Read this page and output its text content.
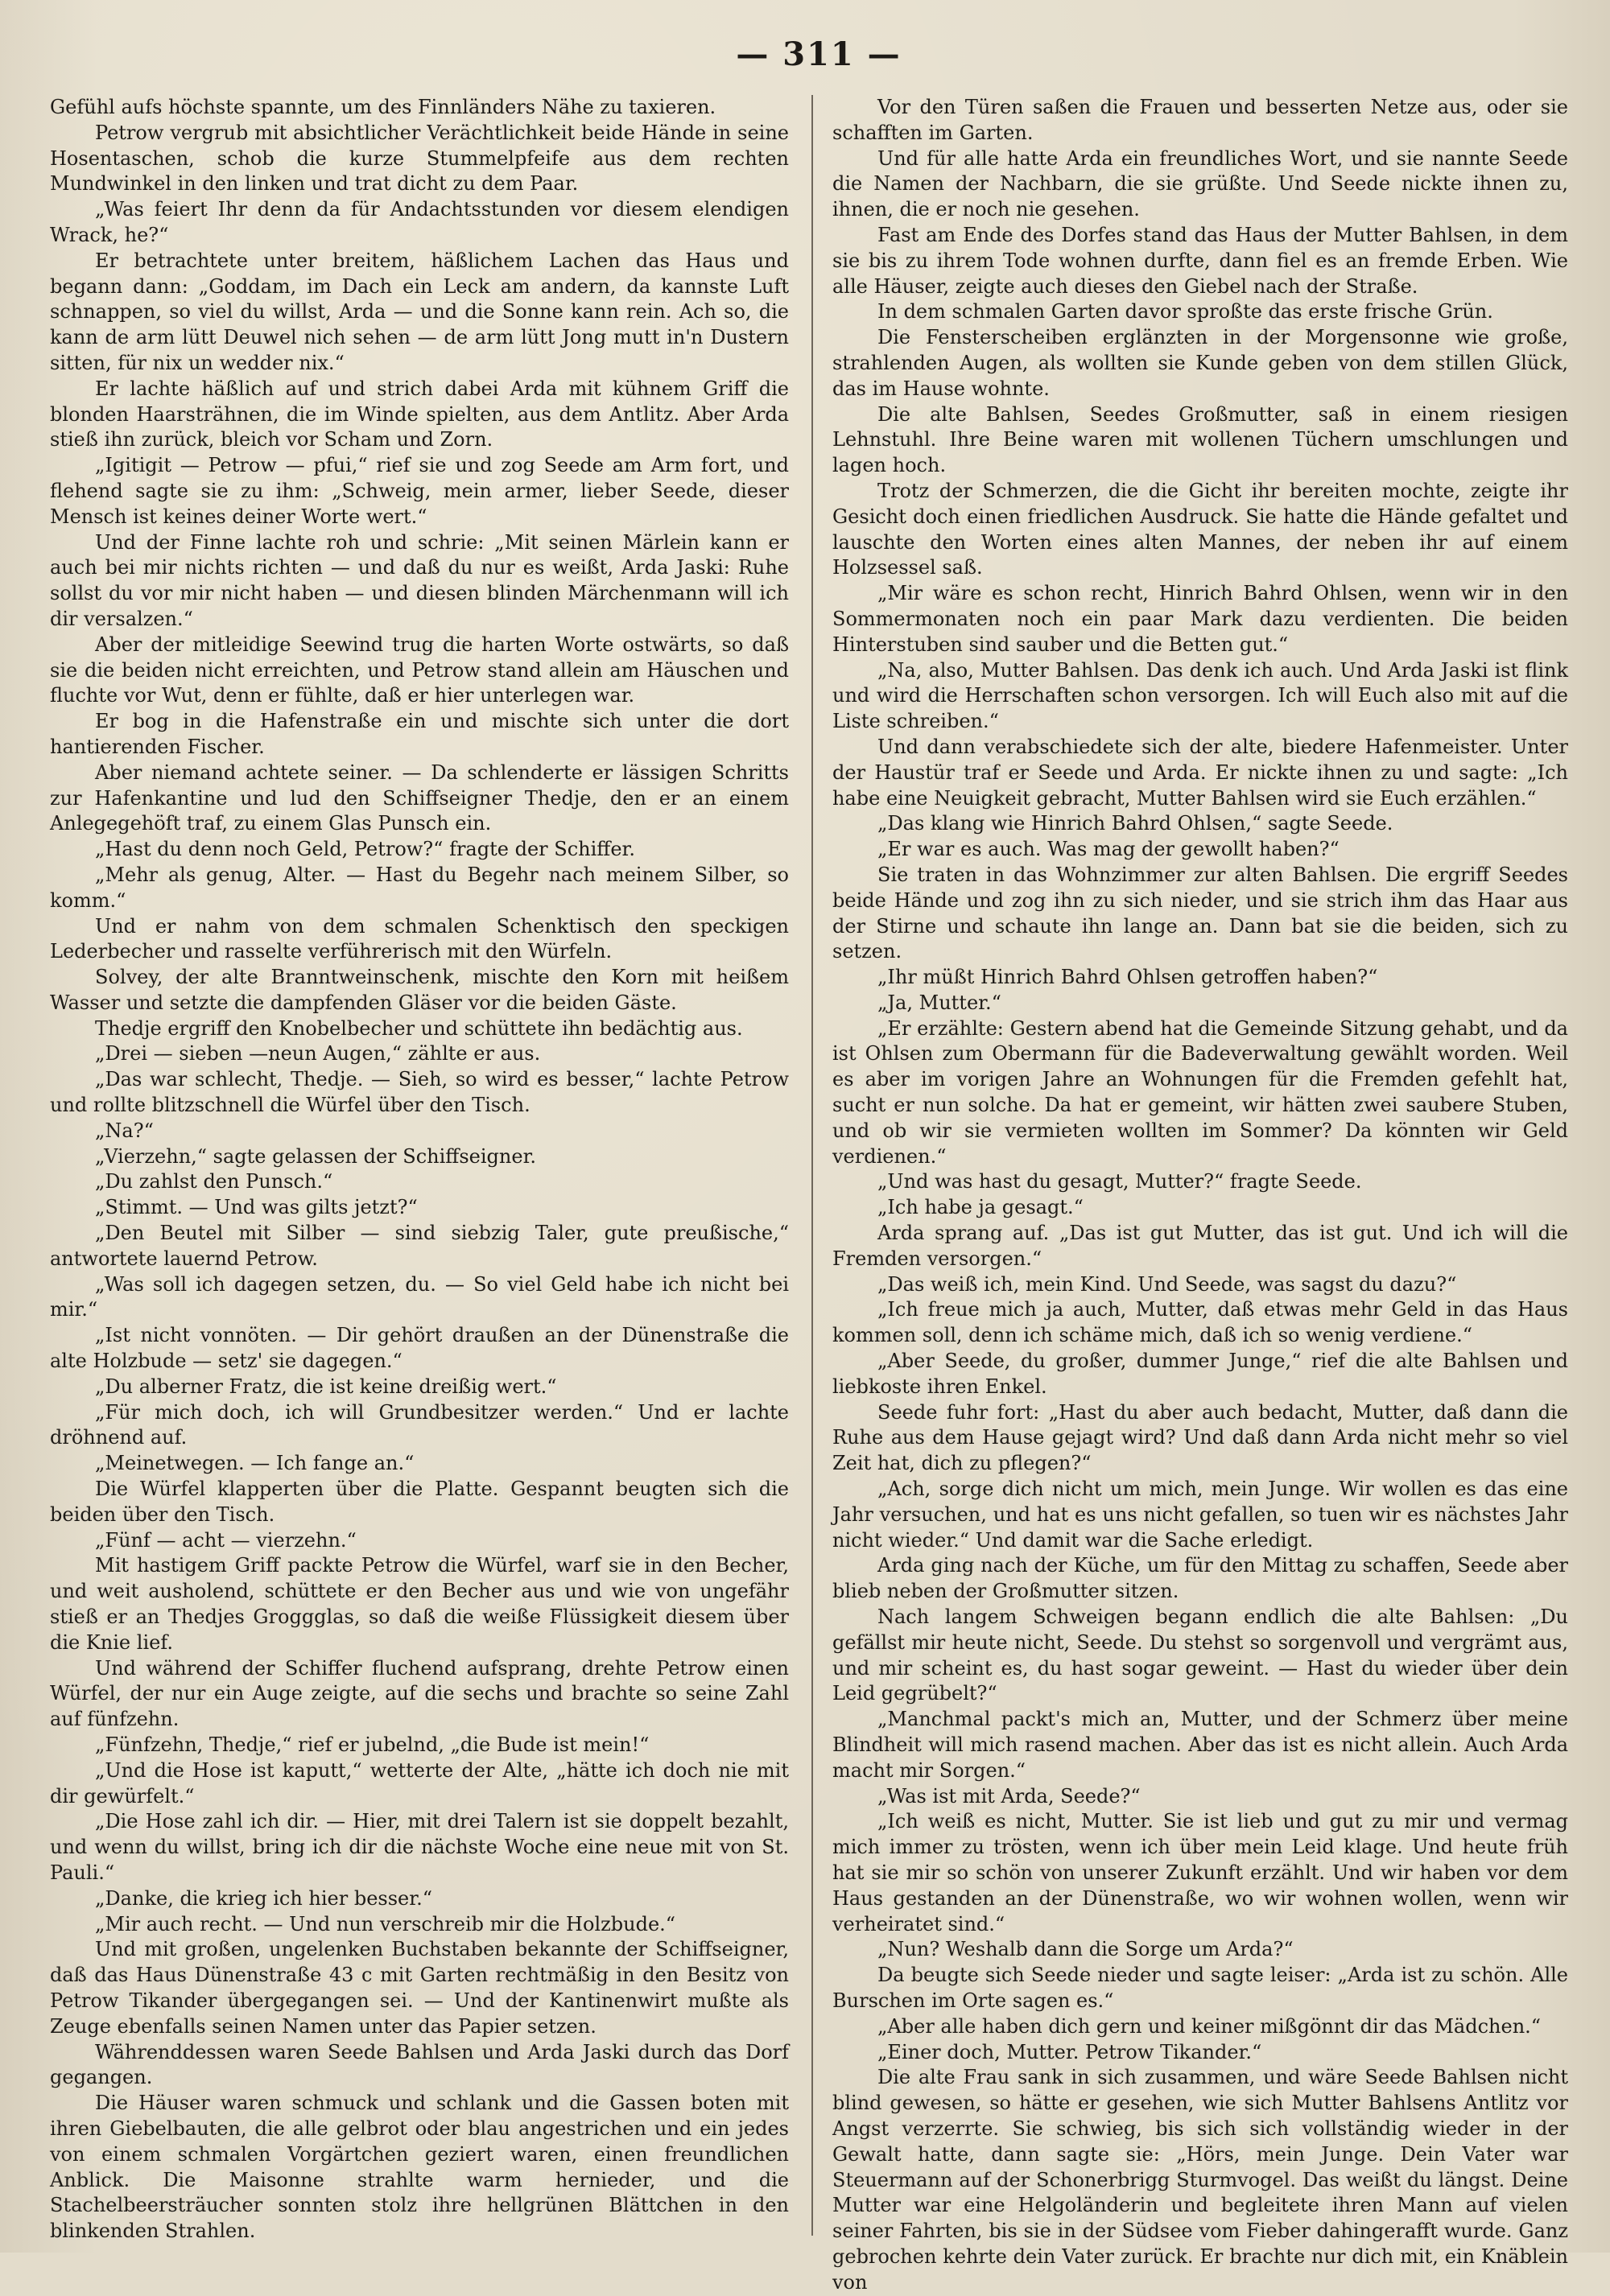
— 311 —

Gefühl aufs höchste spannte, um des Finnländers Nähe zu taxieren.

Petrow vergrub mit absichtlicher Verächtlichkeit beide Hände in seine Hosentaschen, schob die kurze Stummelpfeife aus dem rechten Mundwinkel in den linken und trat dicht zu dem Paar.

„Was feiert Ihr denn da für Andachtsstunden vor diesem elendigen Wrack, he?“

Er betrachtete unter breitem, häßlichem Lachen das Haus und begann dann: „Goddam, im Dach ein Leck am andern, da kannste Luft schnappen, so viel du willst, Arda — und die Sonne kann rein. Ach so, die kann de arm lütt Deuwel nich sehen — de arm lütt Jong mutt in'n Dustern sitten, für nix un wedder nix.“

Er lachte häßlich auf und strich dabei Arda mit kühnem Griff die blonden Haarsträhnen, die im Winde spielten, aus dem Antlitz. Aber Arda stieß ihn zurück, bleich vor Scham und Zorn.

„Igitigit — Petrow — pfui,“ rief sie und zog Seede am Arm fort, und flehend sagte sie zu ihm: „Schweig, mein armer, lieber Seede, dieser Mensch ist keines deiner Worte wert.“

Und der Finne lachte roh und schrie: „Mit seinen Märlein kann er auch bei mir nichts richten — und daß du nur es weißt, Arda Jaski: Ruhe sollst du vor mir nicht haben — und diesen blinden Märchenmann will ich dir versalzen.“

Aber der mitleidige Seewind trug die harten Worte ostwärts, so daß sie die beiden nicht erreichten, und Petrow stand allein am Häuschen und fluchte vor Wut, denn er fühlte, daß er hier unterlegen war.

Er bog in die Hafenstraße ein und mischte sich unter die dort hantierenden Fischer.

Aber niemand achtete seiner. — Da schlenderte er lässigen Schritts zur Hafenkantine und lud den Schiffseigner Thedje, den er an einem Anlegegehöft traf, zu einem Glas Punsch ein.

„Hast du denn noch Geld, Petrow?“ fragte der Schiffer.

„Mehr als genug, Alter. — Hast du Begehr nach meinem Silber, so komm.“

Und er nahm von dem schmalen Schenktisch den speckigen Lederbecher und rasselte verführerisch mit den Würfeln.

Solvey, der alte Branntweinschenk, mischte den Korn mit heißem Wasser und setzte die dampfenden Gläser vor die beiden Gäste.

Thedje ergriff den Knobelbecher und schüttete ihn bedächtig aus.

„Drei — sieben —neun Augen,“ zählte er aus.

„Das war schlecht, Thedje. — Sieh, so wird es besser,“ lachte Petrow und rollte blitzschnell die Würfel über den Tisch.

„Na?“

„Vierzehn,“ sagte gelassen der Schiffseigner.

„Du zahlst den Punsch.“

„Stimmt. — Und was gilts jetzt?“

„Den Beutel mit Silber — sind siebzig Taler, gute preußische,“ antwortete lauernd Petrow.

„Was soll ich dagegen setzen, du. — So viel Geld habe ich nicht bei mir.“

„Ist nicht vonnöten. — Dir gehört draußen an der Dünenstraße die alte Holzbude — setz' sie dagegen.“

„Du alberner Fratz, die ist keine dreißig wert.“

„Für mich doch, ich will Grundbesitzer werden.“ Und er lachte dröhnend auf.

„Meinetwegen. — Ich fange an.“

Die Würfel klapperten über die Platte. Gespannt beugten sich die beiden über den Tisch.

„Fünf — acht — vierzehn.“

Mit hastigem Griff packte Petrow die Würfel, warf sie in den Becher, und weit ausholend, schüttete er den Becher aus und wie von ungefähr stieß er an Thedjes Groggglas, so daß die weiße Flüssigkeit diesem über die Knie lief.

Und während der Schiffer fluchend aufsprang, drehte Petrow einen Würfel, der nur ein Auge zeigte, auf die sechs und brachte so seine Zahl auf fünfzehn.

„Fünfzehn, Thedje,“ rief er jubelnd, „die Bude ist mein!“

„Und die Hose ist kaputt,“ wetterte der Alte, „hätte ich doch nie mit dir gewürfelt.“

„Die Hose zahl ich dir. — Hier, mit drei Talern ist sie doppelt bezahlt, und wenn du willst, bring ich dir die nächste Woche eine neue mit von St. Pauli.“

„Danke, die krieg ich hier besser.“

„Mir auch recht. — Und nun verschreib mir die Holzbude.“

Und mit großen, ungelenken Buchstaben bekannte der Schiffseigner, daß das Haus Dünenstraße 43 c mit Garten rechtmäßig in den Besitz von Petrow Tikander übergegangen sei. — Und der Kantinenwirt mußte als Zeuge ebenfalls seinen Namen unter das Papier setzen.

Währenddessen waren Seede Bahlsen und Arda Jaski durch das Dorf gegangen.

Die Häuser waren schmuck und schlank und die Gassen boten mit ihren Giebelbauten, die alle gelbrot oder blau angestrichen und ein jedes von einem schmalen Vorgärtchen geziert waren, einen freundlichen Anblick. Die Maisonne strahlte warm hernieder, und die Stachelbeersträucher sonnten stolz ihre hellgrünen Blättchen in den blinkenden Strahlen.

Vor den Türen saßen die Frauen und besserten Netze aus, oder sie schafften im Garten.

Und für alle hatte Arda ein freundliches Wort, und sie nannte Seede die Namen der Nachbarn, die sie grüßte. Und Seede nickte ihnen zu, ihnen, die er noch nie gesehen.

Fast am Ende des Dorfes stand das Haus der Mutter Bahlsen, in dem sie bis zu ihrem Tode wohnen durfte, dann fiel es an fremde Erben. Wie alle Häuser, zeigte auch dieses den Giebel nach der Straße.

In dem schmalen Garten davor sproßte das erste frische Grün.

Die Fensterscheiben erglänzten in der Morgensonne wie große, strahlenden Augen, als wollten sie Kunde geben von dem stillen Glück, das im Hause wohnte.

Die alte Bahlsen, Seedes Großmutter, saß in einem riesigen Lehnstuhl. Ihre Beine waren mit wollenen Tüchern umschlungen und lagen hoch.

Trotz der Schmerzen, die die Gicht ihr bereiten mochte, zeigte ihr Gesicht doch einen friedlichen Ausdruck. Sie hatte die Hände gefaltet und lauschte den Worten eines alten Mannes, der neben ihr auf einem Holzsessel saß.

„Mir wäre es schon recht, Hinrich Bahrd Ohlsen, wenn wir in den Sommermonaten noch ein paar Mark dazu verdienten. Die beiden Hinterstuben sind sauber und die Betten gut.“

„Na, also, Mutter Bahlsen. Das denk ich auch. Und Arda Jaski ist flink und wird die Herrschaften schon versorgen. Ich will Euch also mit auf die Liste schreiben.“

Und dann verabschiedete sich der alte, biedere Hafenmeister. Unter der Haustür traf er Seede und Arda. Er nickte ihnen zu und sagte: „Ich habe eine Neuigkeit gebracht, Mutter Bahlsen wird sie Euch erzählen.“

„Das klang wie Hinrich Bahrd Ohlsen,“ sagte Seede.

„Er war es auch. Was mag der gewollt haben?“

Sie traten in das Wohnzimmer zur alten Bahlsen. Die ergriff Seedes beide Hände und zog ihn zu sich nieder, und sie strich ihm das Haar aus der Stirne und schaute ihn lange an. Dann bat sie die beiden, sich zu setzen.

„Ihr müßt Hinrich Bahrd Ohlsen getroffen haben?“

„Ja, Mutter.“

„Er erzählte: Gestern abend hat die Gemeinde Sitzung gehabt, und da ist Ohlsen zum Obermann für die Badeverwaltung gewählt worden. Weil es aber im vorigen Jahre an Wohnungen für die Fremden gefehlt hat, sucht er nun solche. Da hat er gemeint, wir hätten zwei saubere Stuben, und ob wir sie vermieten wollten im Sommer? Da könnten wir Geld verdienen.“

„Und was hast du gesagt, Mutter?“ fragte Seede.

„Ich habe ja gesagt.“

Arda sprang auf. „Das ist gut Mutter, das ist gut. Und ich will die Fremden versorgen.“

„Das weiß ich, mein Kind. Und Seede, was sagst du dazu?“

„Ich freue mich ja auch, Mutter, daß etwas mehr Geld in das Haus kommen soll, denn ich schäme mich, daß ich so wenig verdiene.“

„Aber Seede, du großer, dummer Junge,“ rief die alte Bahlsen und liebkoste ihren Enkel.

Seede fuhr fort: „Hast du aber auch bedacht, Mutter, daß dann die Ruhe aus dem Hause gejagt wird? Und daß dann Arda nicht mehr so viel Zeit hat, dich zu pflegen?“

„Ach, sorge dich nicht um mich, mein Junge. Wir wollen es das eine Jahr versuchen, und hat es uns nicht gefallen, so tuen wir es nächstes Jahr nicht wieder.“ Und damit war die Sache erledigt.

Arda ging nach der Küche, um für den Mittag zu schaffen, Seede aber blieb neben der Großmutter sitzen.

Nach langem Schweigen begann endlich die alte Bahlsen: „Du gefällst mir heute nicht, Seede. Du stehst so sorgenvoll und vergrämt aus, und mir scheint es, du hast sogar geweint. — Hast du wieder über dein Leid gegrübelt?“

„Manchmal packt's mich an, Mutter, und der Schmerz über meine Blindheit will mich rasend machen. Aber das ist es nicht allein. Auch Arda macht mir Sorgen.“

„Was ist mit Arda, Seede?“

„Ich weiß es nicht, Mutter. Sie ist lieb und gut zu mir und vermag mich immer zu trösten, wenn ich über mein Leid klage. Und heute früh hat sie mir so schön von unserer Zukunft erzählt. Und wir haben vor dem Haus gestanden an der Dünenstraße, wo wir wohnen wollen, wenn wir verheiratet sind.“

„Nun? Weshalb dann die Sorge um Arda?“

Da beugte sich Seede nieder und sagte leiser: „Arda ist zu schön. Alle Burschen im Orte sagen es.“

„Aber alle haben dich gern und keiner mißgönnt dir das Mädchen.“

„Einer doch, Mutter. Petrow Tikander.“

Die alte Frau sank in sich zusammen, und wäre Seede Bahlsen nicht blind gewesen, so hätte er gesehen, wie sich Mutter Bahlsens Antlitz vor Angst verzerrte. Sie schwieg, bis sich sich vollständig wieder in der Gewalt hatte, dann sagte sie: „Hörs, mein Junge. Dein Vater war Steuermann auf der Schonerbrigg Sturmvogel. Das weißt du längst. Deine Mutter war eine Helgoländerin und begleitete ihren Mann auf vielen seiner Fahrten, bis sie in der Südsee vom Fieber dahingerafft wurde. Ganz gebrochen kehrte dein Vater zurück. Er brachte nur dich mit, ein Knäblein von
